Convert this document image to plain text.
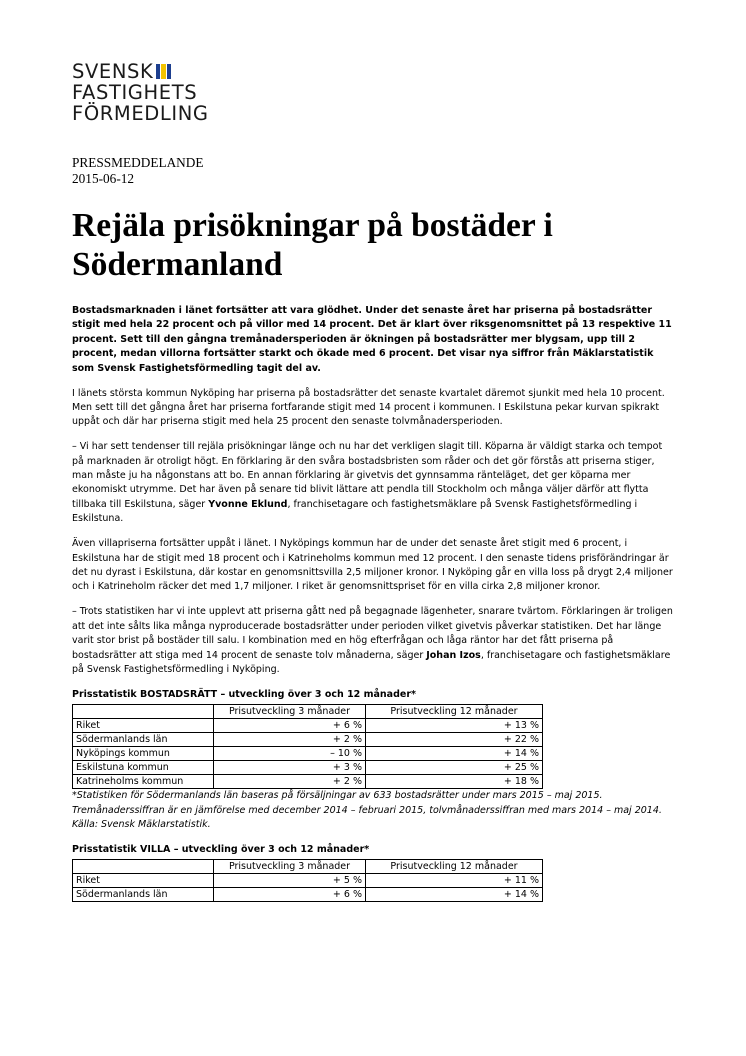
SVENSK
FASTIGHETS
FÖRMEDLING
PRESSMEDDELANDE
2015-06-12
Rejäla prisökningar på bostäder i Södermanland

Bostadsmarknaden i länet fortsätter att vara glödhet. Under det senaste året har priserna på bostadsrätter stigit med hela 22 procent och på villor med 14 procent. Det är klart över riksgenomsnittet på 13 respektive 11 procent. Sett till den gångna tremånadersperioden är ökningen på bostadsrätter mer blygsam, upp till 2 procent, medan villorna fortsätter starkt och ökade med 6 procent. Det visar nya siffror från Mäklarstatistik som Svensk Fastighetsförmedling tagit del av.

I länets största kommun Nyköping har priserna på bostadsrätter det senaste kvartalet däremot sjunkit med hela 10 procent. Men sett till det gångna året har priserna fortfarande stigit med 14 procent i kommunen. I Eskilstuna pekar kurvan spikrakt uppåt och där har priserna stigit med hela 25 procent den senaste tolvmånadersperioden.

– Vi har sett tendenser till rejäla prisökningar länge och nu har det verkligen slagit till. Köparna är väldigt starka och tempot på marknaden är otroligt högt. En förklaring är den svåra bostadsbristen som råder och det gör förstås att priserna stiger, man måste ju ha någonstans att bo. En annan förklaring är givetvis det gynnsamma ränteläget, det ger köparna mer ekonomiskt utrymme. Det har även på senare tid blivit lättare att pendla till Stockholm och många väljer därför att flytta tillbaka till Eskilstuna, säger Yvonne Eklund, franchisetagare och fastighetsmäklare på Svensk Fastighetsförmedling i Eskilstuna.

Även villapriserna fortsätter uppåt i länet. I Nyköpings kommun har de under det senaste året stigit med 6 procent, i Eskilstuna har de stigit med 18 procent och i Katrineholms kommun med 12 procent. I den senaste tidens prisförändringar är det nu dyrast i Eskilstuna, där kostar en genomsnittsvilla 2,5 miljoner kronor. I Nyköping går en villa loss på drygt 2,4 miljoner och i Katrineholm räcker det med 1,7 miljoner. I riket är genomsnittspriset för en villa cirka 2,8 miljoner kronor.

– Trots statistiken har vi inte upplevt att priserna gått ned på begagnade lägenheter, snarare tvärtom. Förklaringen är troligen att det inte sålts lika många nyproducerade bostadsrätter under perioden vilket givetvis påverkar statistiken. Det har länge varit stor brist på bostäder till salu. I kombination med en hög efterfrågan och låga räntor har det fått priserna på bostadsrätter att stiga med 14 procent de senaste tolv månaderna, säger Johan Izos, franchisetagare och fastighetsmäklare på Svensk Fastighetsförmedling i Nyköping.

Prisstatistik BOSTADSRÄTT – utveckling över 3 och 12 månader*
	Prisutveckling 3 månader	Prisutveckling 12 månader
Riket	+ 6 %	+ 13 %
Södermanlands län	+ 2 %	+ 22 %
Nyköpings kommun	– 10 %	+ 14 %
Eskilstuna kommun	+ 3 %	+ 25 %
Katrineholms kommun	+ 2 %	+ 18 %

*Statistiken för Södermanlands län baseras på försäljningar av 633 bostadsrätter under mars 2015 – maj 2015. Tremånaderssiffran är en jämförelse med december 2014 – februari 2015, tolvmånaderssiffran med mars 2014 – maj 2014. Källa: Svensk Mäklarstatistik.

Prisstatistik VILLA – utveckling över 3 och 12 månader*
	Prisutveckling 3 månader	Prisutveckling 12 månader
Riket	+ 5 %	+ 11 %
Södermanlands län	+ 6 %	+ 14 %
